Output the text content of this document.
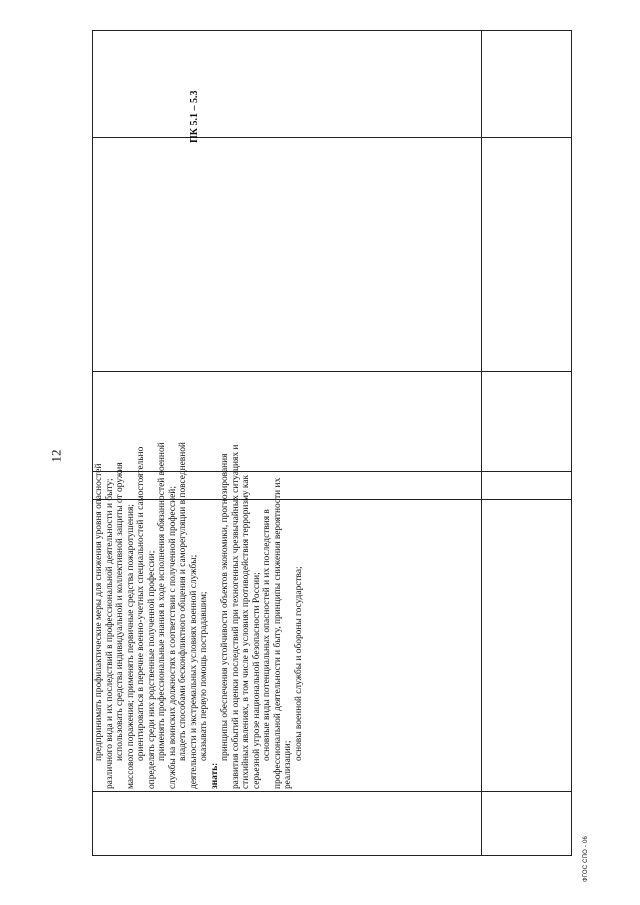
12
ФГОС СПО - 06
ПК 5.1 – 5.3

предпринимать профилактические меры для снижения уровня опасностей различного вида и их последствий в профессиональной деятельности и быту; использовать средства индивидуальной и коллективной защиты от оружия массового поражения; применять первичные средства пожаротушения; ориентироваться в перечне военно-учетных специальностей и самостоятельно определять среди них родственные полученной профессии; применять профессиональные знания в ходе исполнения обязанностей военной службы на воинских должностях в соответствии с полученной профессией; владеть способами бесконфликтного общения и саморегуляции в повседневной деятельности и экстремальных условиях военной службы; оказывать первую помощь пострадавшим;

знать:

принципы обеспечения устойчивости объектов экономики, прогнозирования развития событий и оценки последствий при техногенных чрезвычайных ситуациях и стихийных явлениях, в том числе в условиях противодействия терроризму как серьезной угрозе национальной безопасности России; основные виды потенциальных опасностей и их последствия в профессиональной деятельности и быту, принципы снижения вероятности их реализации;

основы военной службы и обороны государства;
